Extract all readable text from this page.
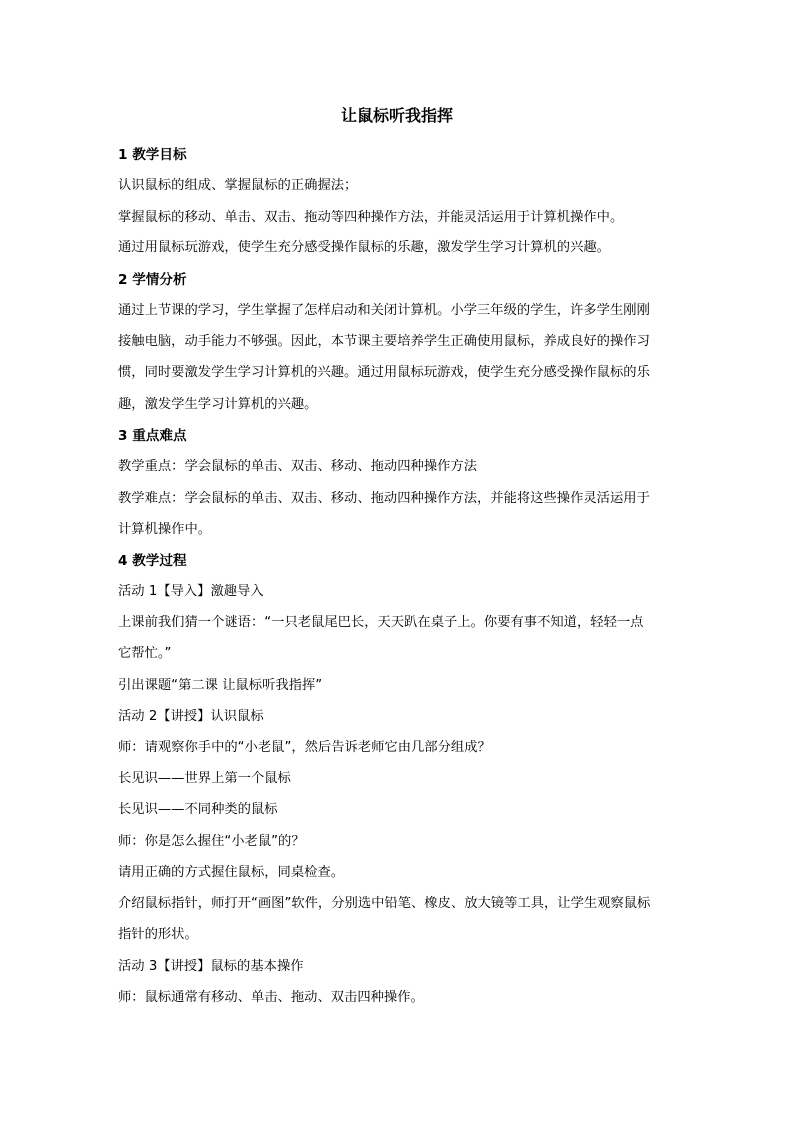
让鼠标听我指挥
1 教学目标
认识鼠标的组成、掌握鼠标的正确握法；
掌握鼠标的移动、单击、双击、拖动等四种操作方法，并能灵活运用于计算机操作中。
通过用鼠标玩游戏，使学生充分感受操作鼠标的乐趣，激发学生学习计算机的兴趣。
2 学情分析
通过上节课的学习，学生掌握了怎样启动和关闭计算机。小学三年级的学生，许多学生刚刚
接触电脑，动手能力不够强。因此，本节课主要培养学生正确使用鼠标，养成良好的操作习
惯，同时要激发学生学习计算机的兴趣。通过用鼠标玩游戏，使学生充分感受操作鼠标的乐
趣，激发学生学习计算机的兴趣。
3 重点难点
教学重点：学会鼠标的单击、双击、移动、拖动四种操作方法
教学难点：学会鼠标的单击、双击、移动、拖动四种操作方法，并能将这些操作灵活运用于
计算机操作中。
4 教学过程
活动 1【导入】激趣导入
上课前我们猜一个谜语：“一只老鼠尾巴长，天天趴在桌子上。你要有事不知道，轻轻一点
它帮忙。”
引出课题“第二课 让鼠标听我指挥”
活动 2【讲授】认识鼠标
师：请观察你手中的“小老鼠”，然后告诉老师它由几部分组成？
长见识——世界上第一个鼠标
长见识——不同种类的鼠标
师：你是怎么握住“小老鼠”的？
请用正确的方式握住鼠标，同桌检查。
介绍鼠标指针，师打开“画图”软件，分别选中铅笔、橡皮、放大镜等工具，让学生观察鼠标
指针的形状。
活动 3【讲授】鼠标的基本操作
师：鼠标通常有移动、单击、拖动、双击四种操作。
